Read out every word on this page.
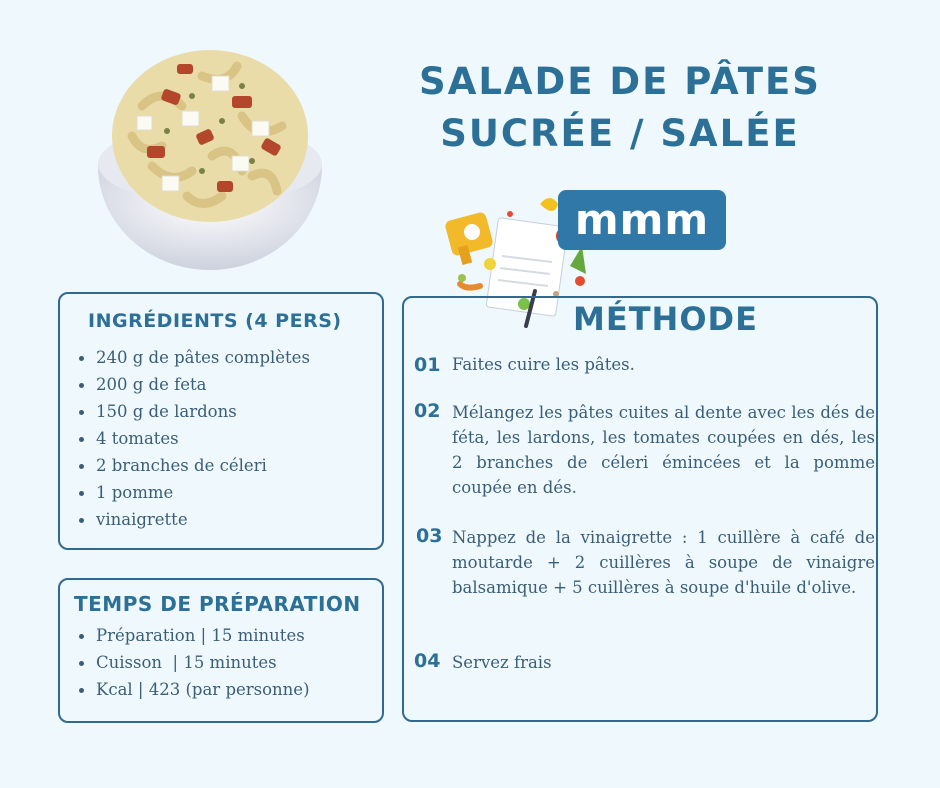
SALADE DE PÂTES
SUCRÉE / SALÉE
mmm
INGRÉDIENTS (4 PERS)
240 g de pâtes complètes
200 g de feta
150 g de lardons
4 tomates
2 branches de céleri
1 pomme
vinaigrette
TEMPS DE PRÉPARATION
Préparation | 15 minutes
Cuisson  | 15 minutes
Kcal | 423 (par personne)
MÉTHODE
01 Faites cuire les pâtes.
02 Mélangez les pâtes cuites al dente avec les dés de féta, les lardons, les tomates coupées en dés, les 2 branches de céleri émincées et la pomme coupée en dés.
03 Nappez de la vinaigrette : 1 cuillère à café de moutarde + 2 cuillères à soupe de vinaigre balsamique + 5 cuillères à soupe d'huile d'olive.
04 Servez frais
